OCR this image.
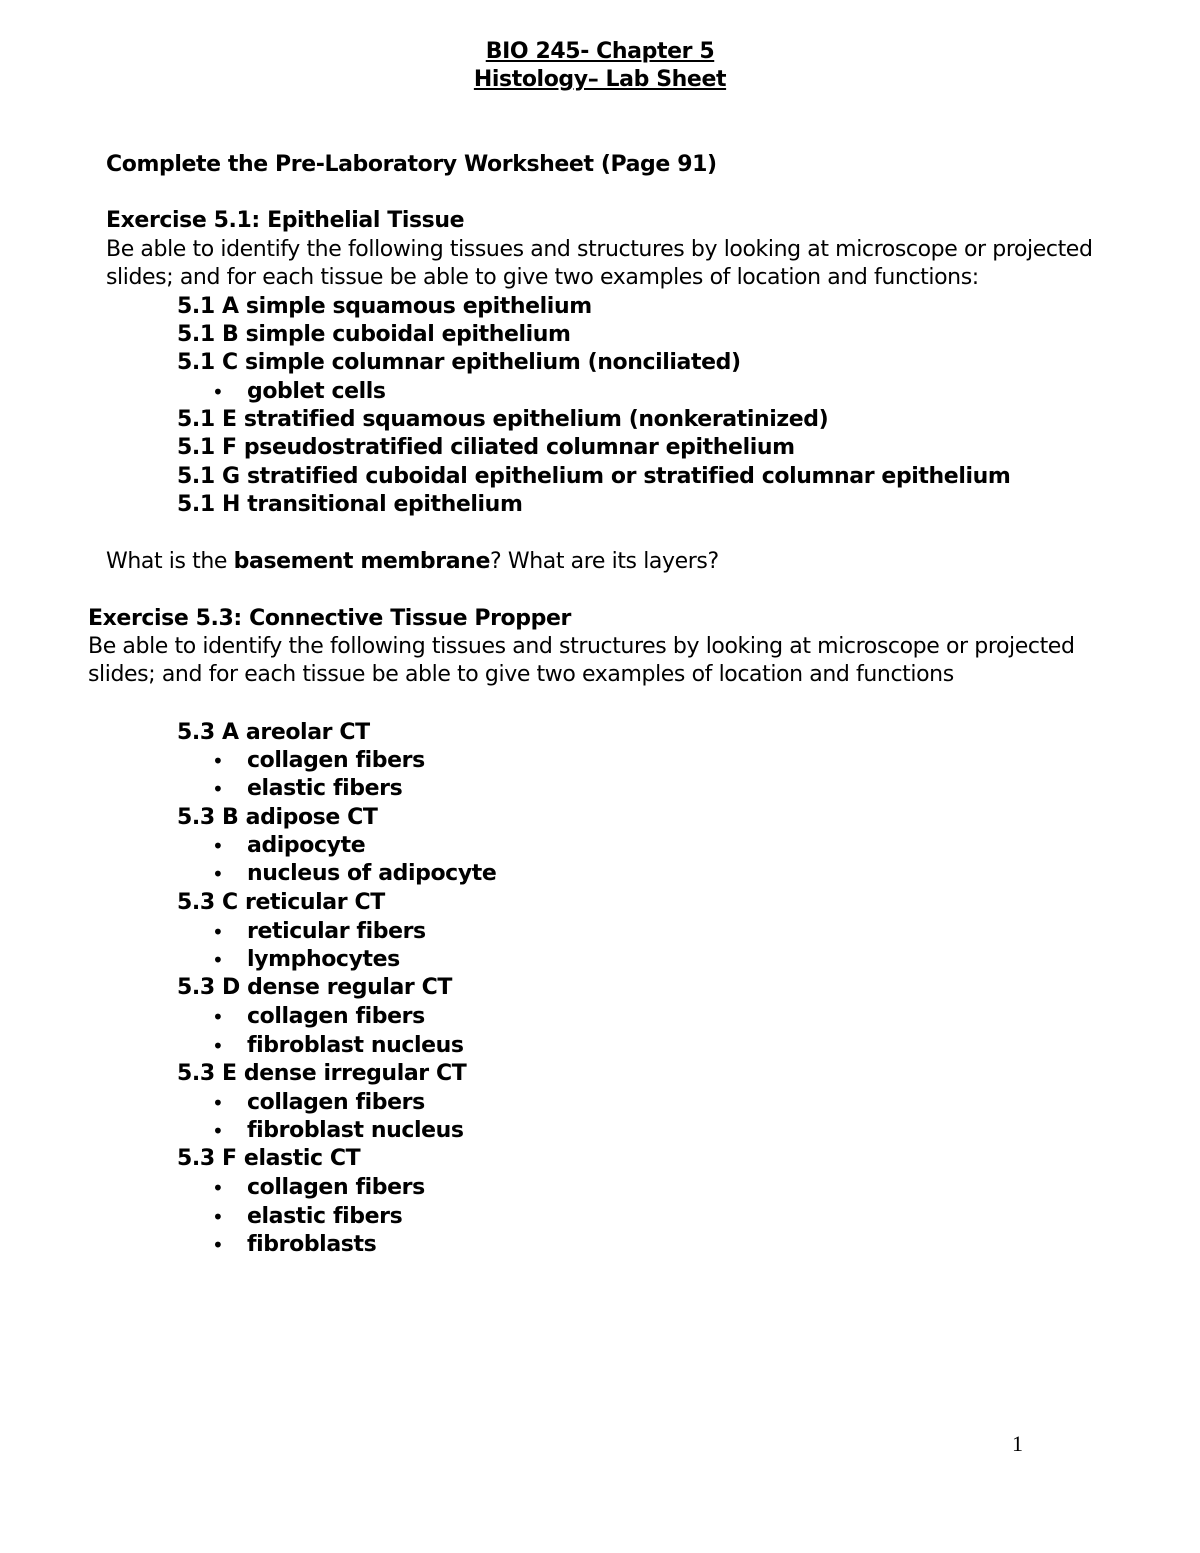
BIO 245- Chapter 5
Histology– Lab Sheet
Complete the Pre-Laboratory Worksheet (Page 91)
Exercise 5.1: Epithelial Tissue
Be able to identify the following tissues and structures by looking at microscope or projected
slides; and for each tissue be able to give two examples of location and functions:
5.1 A simple squamous epithelium
5.1 B simple cuboidal epithelium
5.1 C simple columnar epithelium (nonciliated)
• goblet cells
5.1 E stratified squamous epithelium (nonkeratinized)
5.1 F pseudostratified ciliated columnar epithelium
5.1 G stratified cuboidal epithelium or stratified columnar epithelium
5.1 H transitional epithelium
What is the basement membrane? What are its layers?
Exercise 5.3: Connective Tissue Propper
Be able to identify the following tissues and structures by looking at microscope or projected
slides; and for each tissue be able to give two examples of location and functions
5.3 A areolar CT
• collagen fibers
• elastic fibers
5.3 B adipose CT
• adipocyte
• nucleus of adipocyte
5.3 C reticular CT
• reticular fibers
• lymphocytes
5.3 D dense regular CT
• collagen fibers
• fibroblast nucleus
5.3 E dense irregular CT
• collagen fibers
• fibroblast nucleus
5.3 F elastic CT
• collagen fibers
• elastic fibers
• fibroblasts
1
